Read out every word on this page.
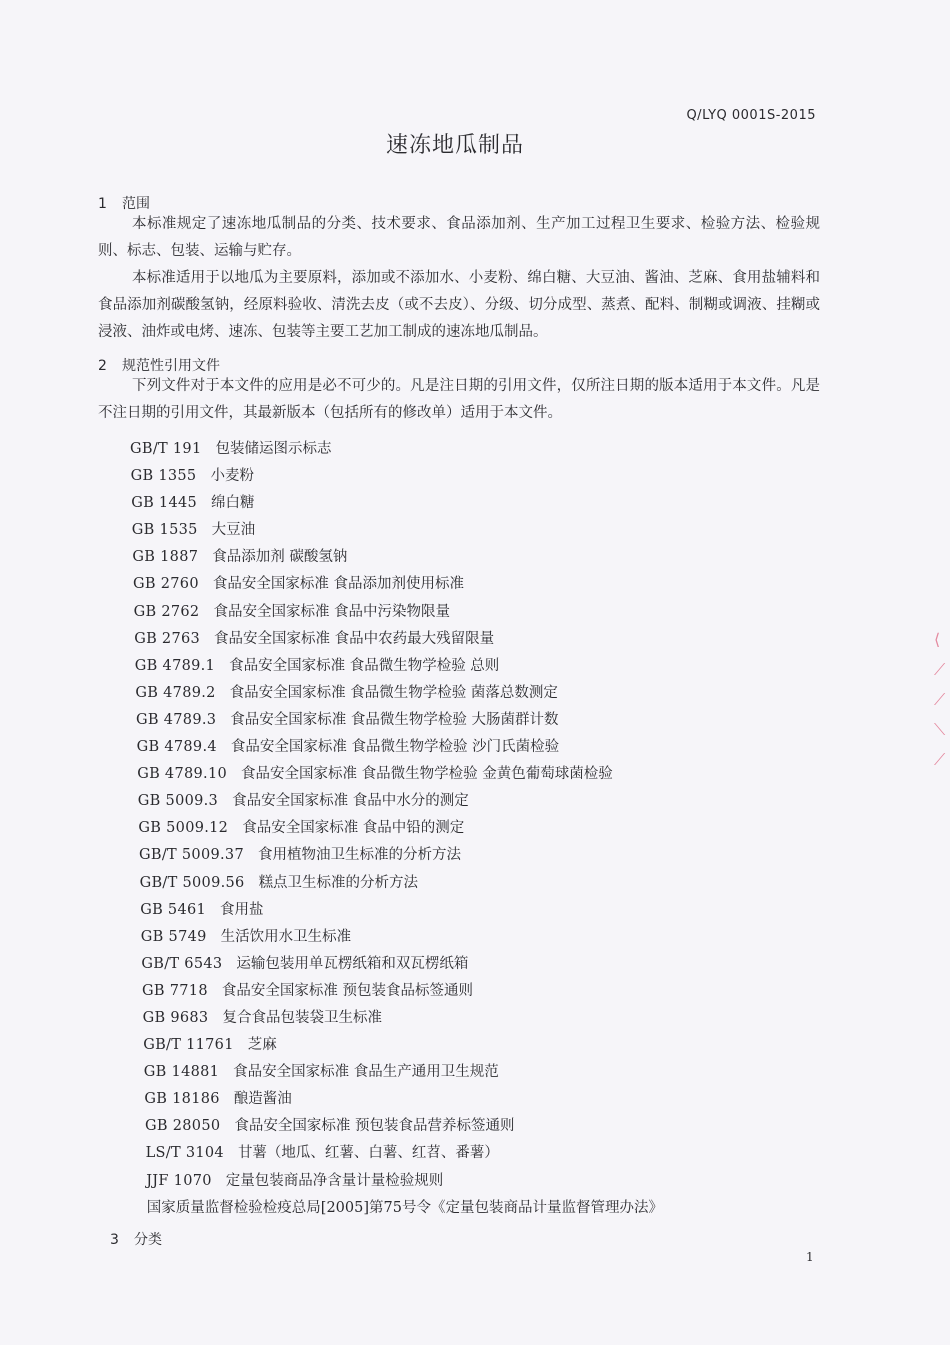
Q/LYQ 0001S-2015
速冻地瓜制品
1 范围

本标准规定了速冻地瓜制品的分类、技术要求、食品添加剂、生产加工过程卫生要求、检验方法、检验规则、标志、包装、运输与贮存。

本标准适用于以地瓜为主要原料，添加或不添加水、小麦粉、绵白糖、大豆油、酱油、芝麻、食用盐辅料和食品添加剂碳酸氢钠，经原料验收、清洗去皮（或不去皮）、分级、切分成型、蒸煮、配料、制糊或调液、挂糊或浸液、油炸或电烤、速冻、包装等主要工艺加工制成的速冻地瓜制品。

2 规范性引用文件

下列文件对于本文件的应用是必不可少的。凡是注日期的引用文件，仅所注日期的版本适用于本文件。凡是不注日期的引用文件，其最新版本（包括所有的修改单）适用于本文件。

GB/T 191 包装储运图示标志
GB 1355 小麦粉
GB 1445 绵白糖
GB 1535 大豆油
GB 1887 食品添加剂 碳酸氢钠
GB 2760 食品安全国家标准 食品添加剂使用标准
GB 2762 食品安全国家标准 食品中污染物限量
GB 2763 食品安全国家标准 食品中农药最大残留限量
GB 4789.1 食品安全国家标准 食品微生物学检验 总则
GB 4789.2 食品安全国家标准 食品微生物学检验 菌落总数测定
GB 4789.3 食品安全国家标准 食品微生物学检验 大肠菌群计数
GB 4789.4 食品安全国家标准 食品微生物学检验 沙门氏菌检验
GB 4789.10 食品安全国家标准 食品微生物学检验 金黄色葡萄球菌检验
GB 5009.3 食品安全国家标准 食品中水分的测定
GB 5009.12 食品安全国家标准 食品中铅的测定
GB/T 5009.37 食用植物油卫生标准的分析方法
GB/T 5009.56 糕点卫生标准的分析方法
GB 5461 食用盐
GB 5749 生活饮用水卫生标准
GB/T 6543 运输包装用单瓦楞纸箱和双瓦楞纸箱
GB 7718 食品安全国家标准 预包装食品标签通则
GB 9683 复合食品包装袋卫生标准
GB/T 11761 芝麻
GB 14881 食品安全国家标准 食品生产通用卫生规范
GB 18186 酿造酱油
GB 28050 食品安全国家标准 预包装食品营养标签通则
LS/T 3104 甘薯（地瓜、红薯、白薯、红苕、番薯）
JJF 1070 定量包装商品净含量计量检验规则
国家质量监督检验检疫总局[2005]第75号令《定量包装商品计量监督管理办法》
3 分类
1
⟨
⟋
⟋
⟍
⟋
